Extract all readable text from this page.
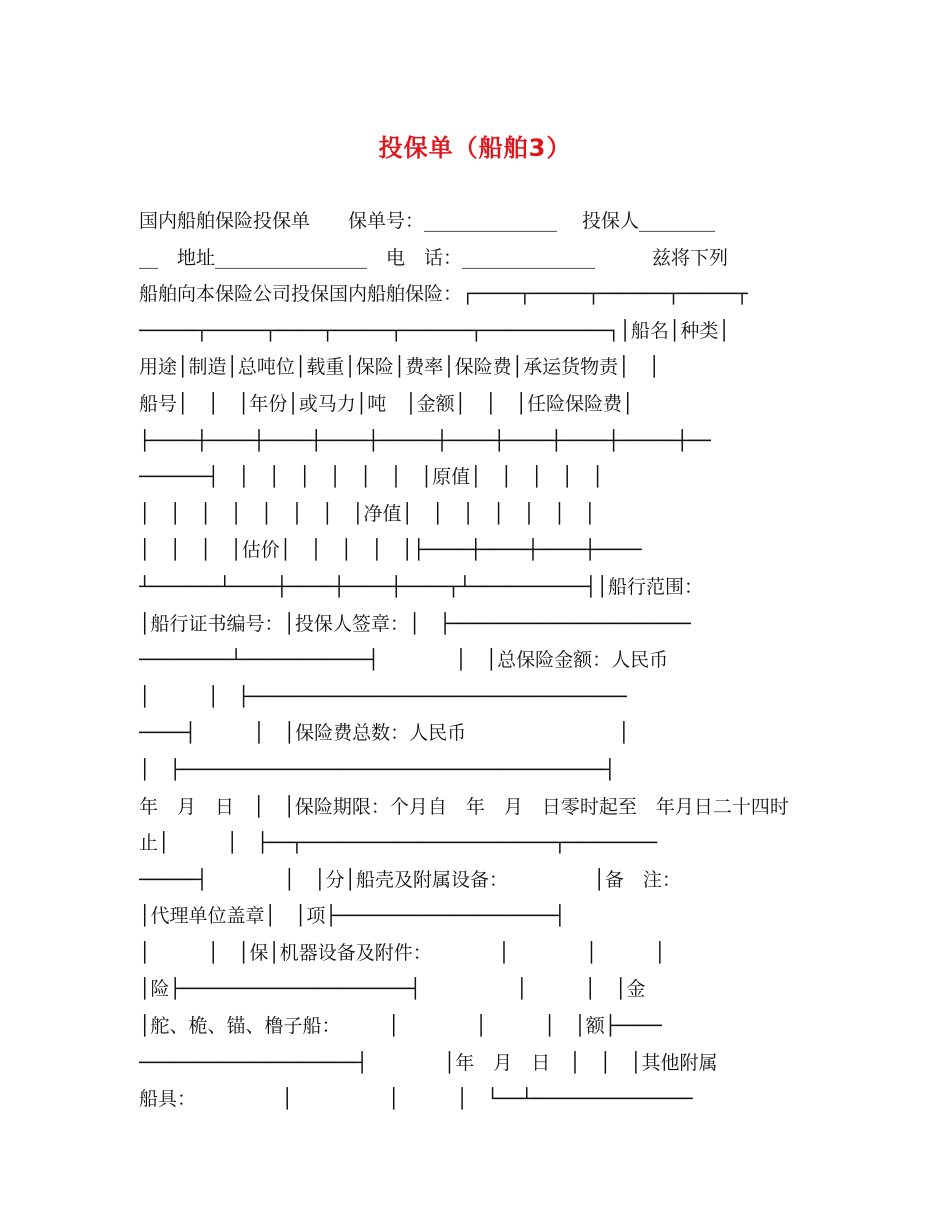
投保单（船舶3）
国内船舶保险投保单　　保单号：______________　 投保人________
__　地址________________　电　话：______________　　　兹将下列
船舶向本保险公司投保国内船舶保险：┌────┬─────┬──────┬─────┬
─────┬─────┬────┬─────┬──────┬───────────┐│船名│种类│
用途│制造│总吨位│载重│保险│费率│保险费│承运货物责│　│
船号│　│　│年份│或马力│吨　│金额│　│　│任险保险费│
├────┼────┼────┼────┼─────┼────┼────┼────┼─────┼──
──────┤　│　│　│　│　│　│　│原值│　│　│　│　│
│　│　│　│　│　│　│　│净值│　│　│　│　│　│　│
│　│　│　│估价│　│　│　│　│├────┼────┼────┼────
┴──────┴────┼────┼────┼────┬┴──────────┤│船行范围：
│船行证书编号：│投保人签章：│　├─────────────────────
────────┴───────────┤　　　　│　│总保险金额：人民币
│　　　│　├─────────────────────────────────
────┤　　　│　│保险费总数：人民币　　　　　　　　│
│　├─────────────────────────────────────┤
年　月　日　│　│保险期限：个月自　年　月　日零时起至　年月日二十四时
止│　　　│　├──┬──────────────────────┬────────
─────┤　　　　│　│分│船壳及附属设备：　　　　　│备　注：
│代理单位盖章│　│项├───────────────────┤
│　　　│　│保│机器设备及附件：　　　　│　　　　│　　　│
│险├────────────────────┤　　　　　│　　　│　│金
│舵、桅、锚、橹子船：　　　│　　　　│　　　│　│额├────
───────────────────┤　　　　│年　月　日　│　│　│其他附属
船具：　　　　　│　　　　　│　　　│　└──┴──────────────
